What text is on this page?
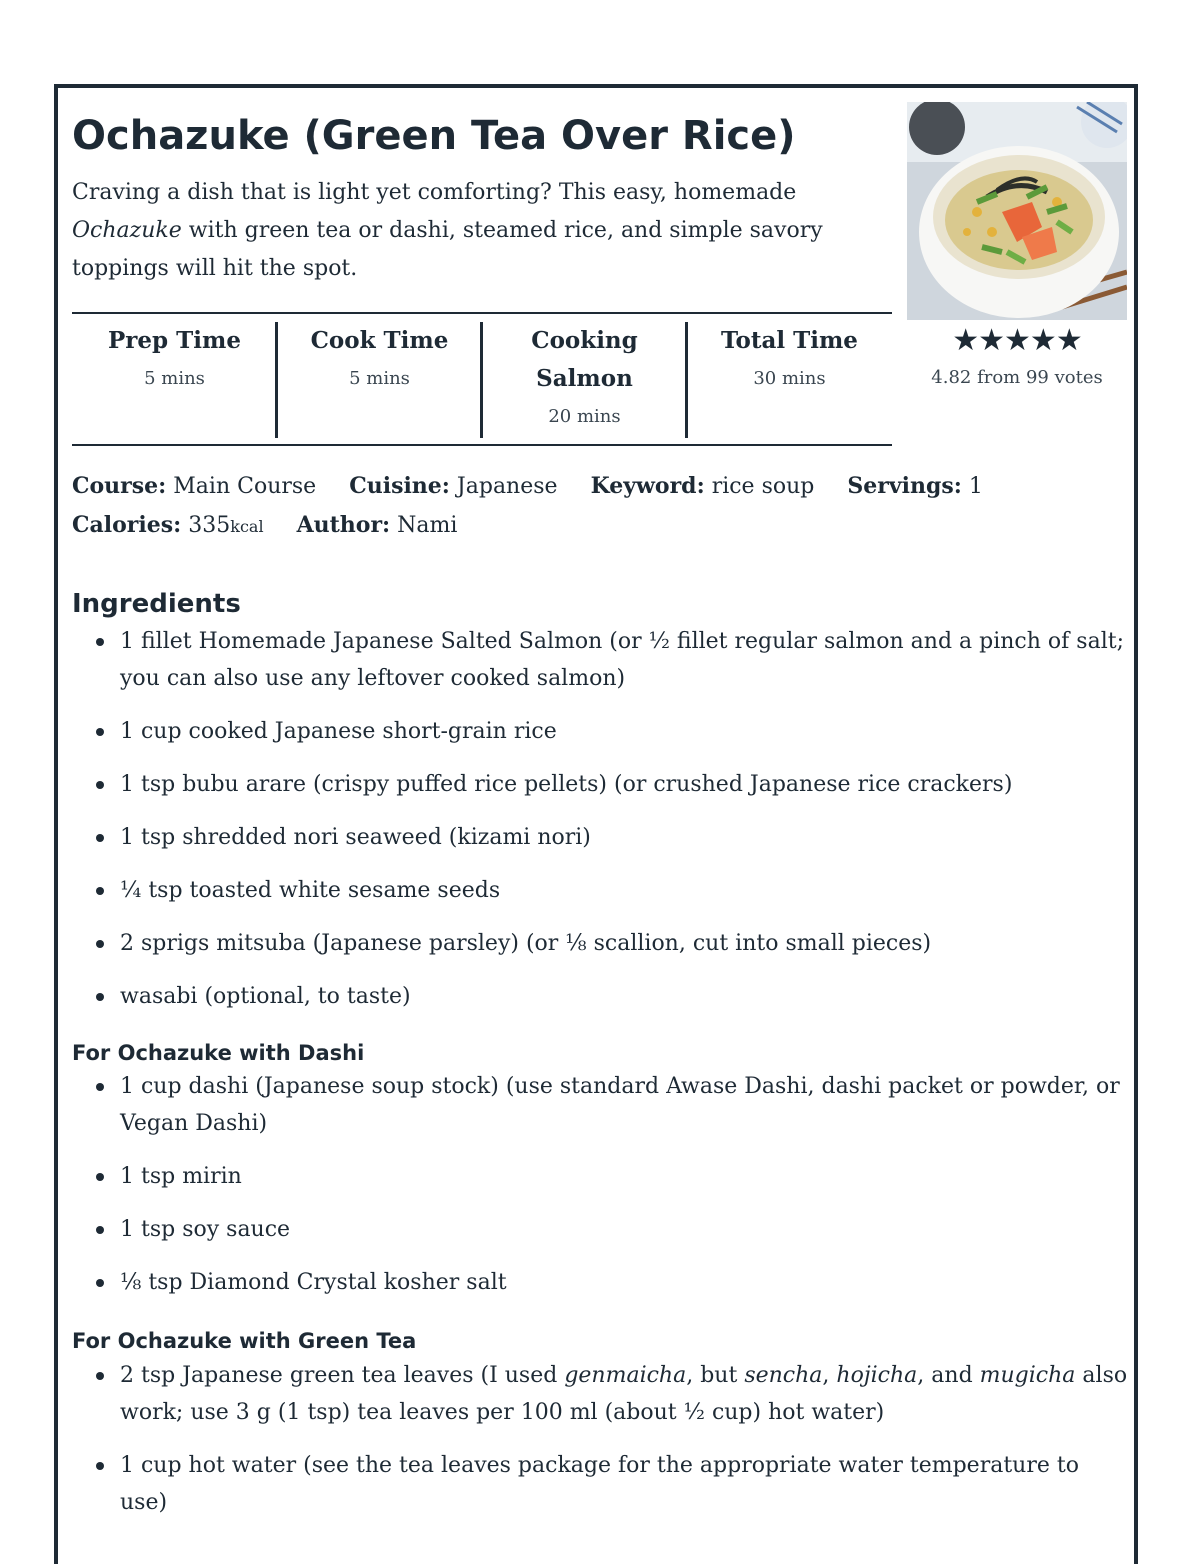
Ochazuke (Green Tea Over Rice)
Craving a dish that is light yet comforting? This easy, homemade Ochazuke with green tea or dashi, steamed rice, and simple savory toppings will hit the spot.
★★★★★
4.82 from 99 votes
Prep Time
5 mins
Cook Time
5 mins
Cooking Salmon
20 mins
Total Time
30 mins
Course: Main Course Cuisine: Japanese Keyword: rice soup Servings: 1
Calories: 335kcal Author: Nami
Ingredients
1 fillet Homemade Japanese Salted Salmon (or ½ fillet regular salmon and a pinch of salt; you can also use any leftover cooked salmon)
1 cup cooked Japanese short-grain rice
1 tsp bubu arare (crispy puffed rice pellets) (or crushed Japanese rice crackers)
1 tsp shredded nori seaweed (kizami nori)
¼ tsp toasted white sesame seeds
2 sprigs mitsuba (Japanese parsley) (or ⅛ scallion, cut into small pieces)
wasabi (optional, to taste)
For Ochazuke with Dashi
1 cup dashi (Japanese soup stock) (use standard Awase Dashi, dashi packet or powder, or Vegan Dashi)
1 tsp mirin
1 tsp soy sauce
⅛ tsp Diamond Crystal kosher salt
For Ochazuke with Green Tea
2 tsp Japanese green tea leaves (I used genmaicha, but sencha, hojicha, and mugicha also work; use 3 g (1 tsp) tea leaves per 100 ml (about ½ cup) hot water)
1 cup hot water (see the tea leaves package for the appropriate water temperature to use)
